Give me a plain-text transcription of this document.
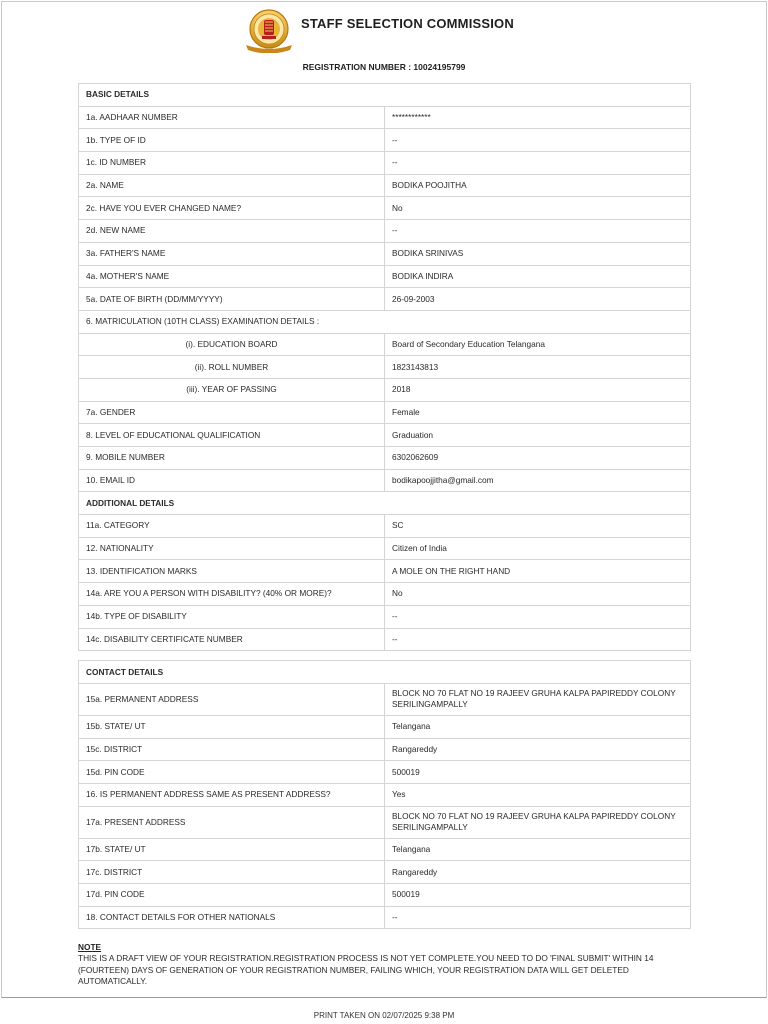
STAFF SELECTION COMMISSION
REGISTRATION NUMBER : 10024195799
BASIC DETAILS	
1a. AADHAAR NUMBER	************
1b. TYPE OF ID	--
1c. ID NUMBER	--
2a. NAME	BODIKA POOJITHA
2c. HAVE YOU EVER CHANGED NAME?	No
2d. NEW NAME	--
3a. FATHER'S NAME	BODIKA SRINIVAS
4a. MOTHER'S NAME	BODIKA INDIRA
5a. DATE OF BIRTH (DD/MM/YYYY)	26-09-2003
6. MATRICULATION (10TH CLASS) EXAMINATION DETAILS :	
(i). EDUCATION BOARD	Board of Secondary Education Telangana
(ii). ROLL NUMBER	1823143813
(iii). YEAR OF PASSING	2018
7a. GENDER	Female
8. LEVEL OF EDUCATIONAL QUALIFICATION	Graduation
9. MOBILE NUMBER	6302062609
10. EMAIL ID	bodikapoojjitha@gmail.com
ADDITIONAL DETAILS	
11a. CATEGORY	SC
12. NATIONALITY	Citizen of India
13. IDENTIFICATION MARKS	A MOLE ON THE RIGHT HAND
14a. ARE YOU A PERSON WITH DISABILITY? (40% OR MORE)?	No
14b. TYPE OF DISABILITY	--
14c. DISABILITY CERTIFICATE NUMBER	--

CONTACT DETAILS	
15a. PERMANENT ADDRESS	BLOCK NO 70 FLAT NO 19 RAJEEV GRUHA KALPA PAPIREDDY COLONY SERILINGAMPALLY
15b. STATE/ UT	Telangana
15c. DISTRICT	Rangareddy
15d. PIN CODE	500019
16. IS PERMANENT ADDRESS SAME AS PRESENT ADDRESS?	Yes
17a. PRESENT ADDRESS	BLOCK NO 70 FLAT NO 19 RAJEEV GRUHA KALPA PAPIREDDY COLONY SERILINGAMPALLY
17b. STATE/ UT	Telangana
17c. DISTRICT	Rangareddy
17d. PIN CODE	500019
18. CONTACT DETAILS FOR OTHER NATIONALS	--
NOTE
THIS IS A DRAFT VIEW OF YOUR REGISTRATION.REGISTRATION PROCESS IS NOT YET COMPLETE.YOU NEED TO DO 'FINAL SUBMIT' WITHIN 14 (FOURTEEN) DAYS OF GENERATION OF YOUR REGISTRATION NUMBER, FAILING WHICH, YOUR REGISTRATION DATA WILL GET DELETED AUTOMATICALLY.
PRINT TAKEN ON 02/07/2025 9:38 PM
